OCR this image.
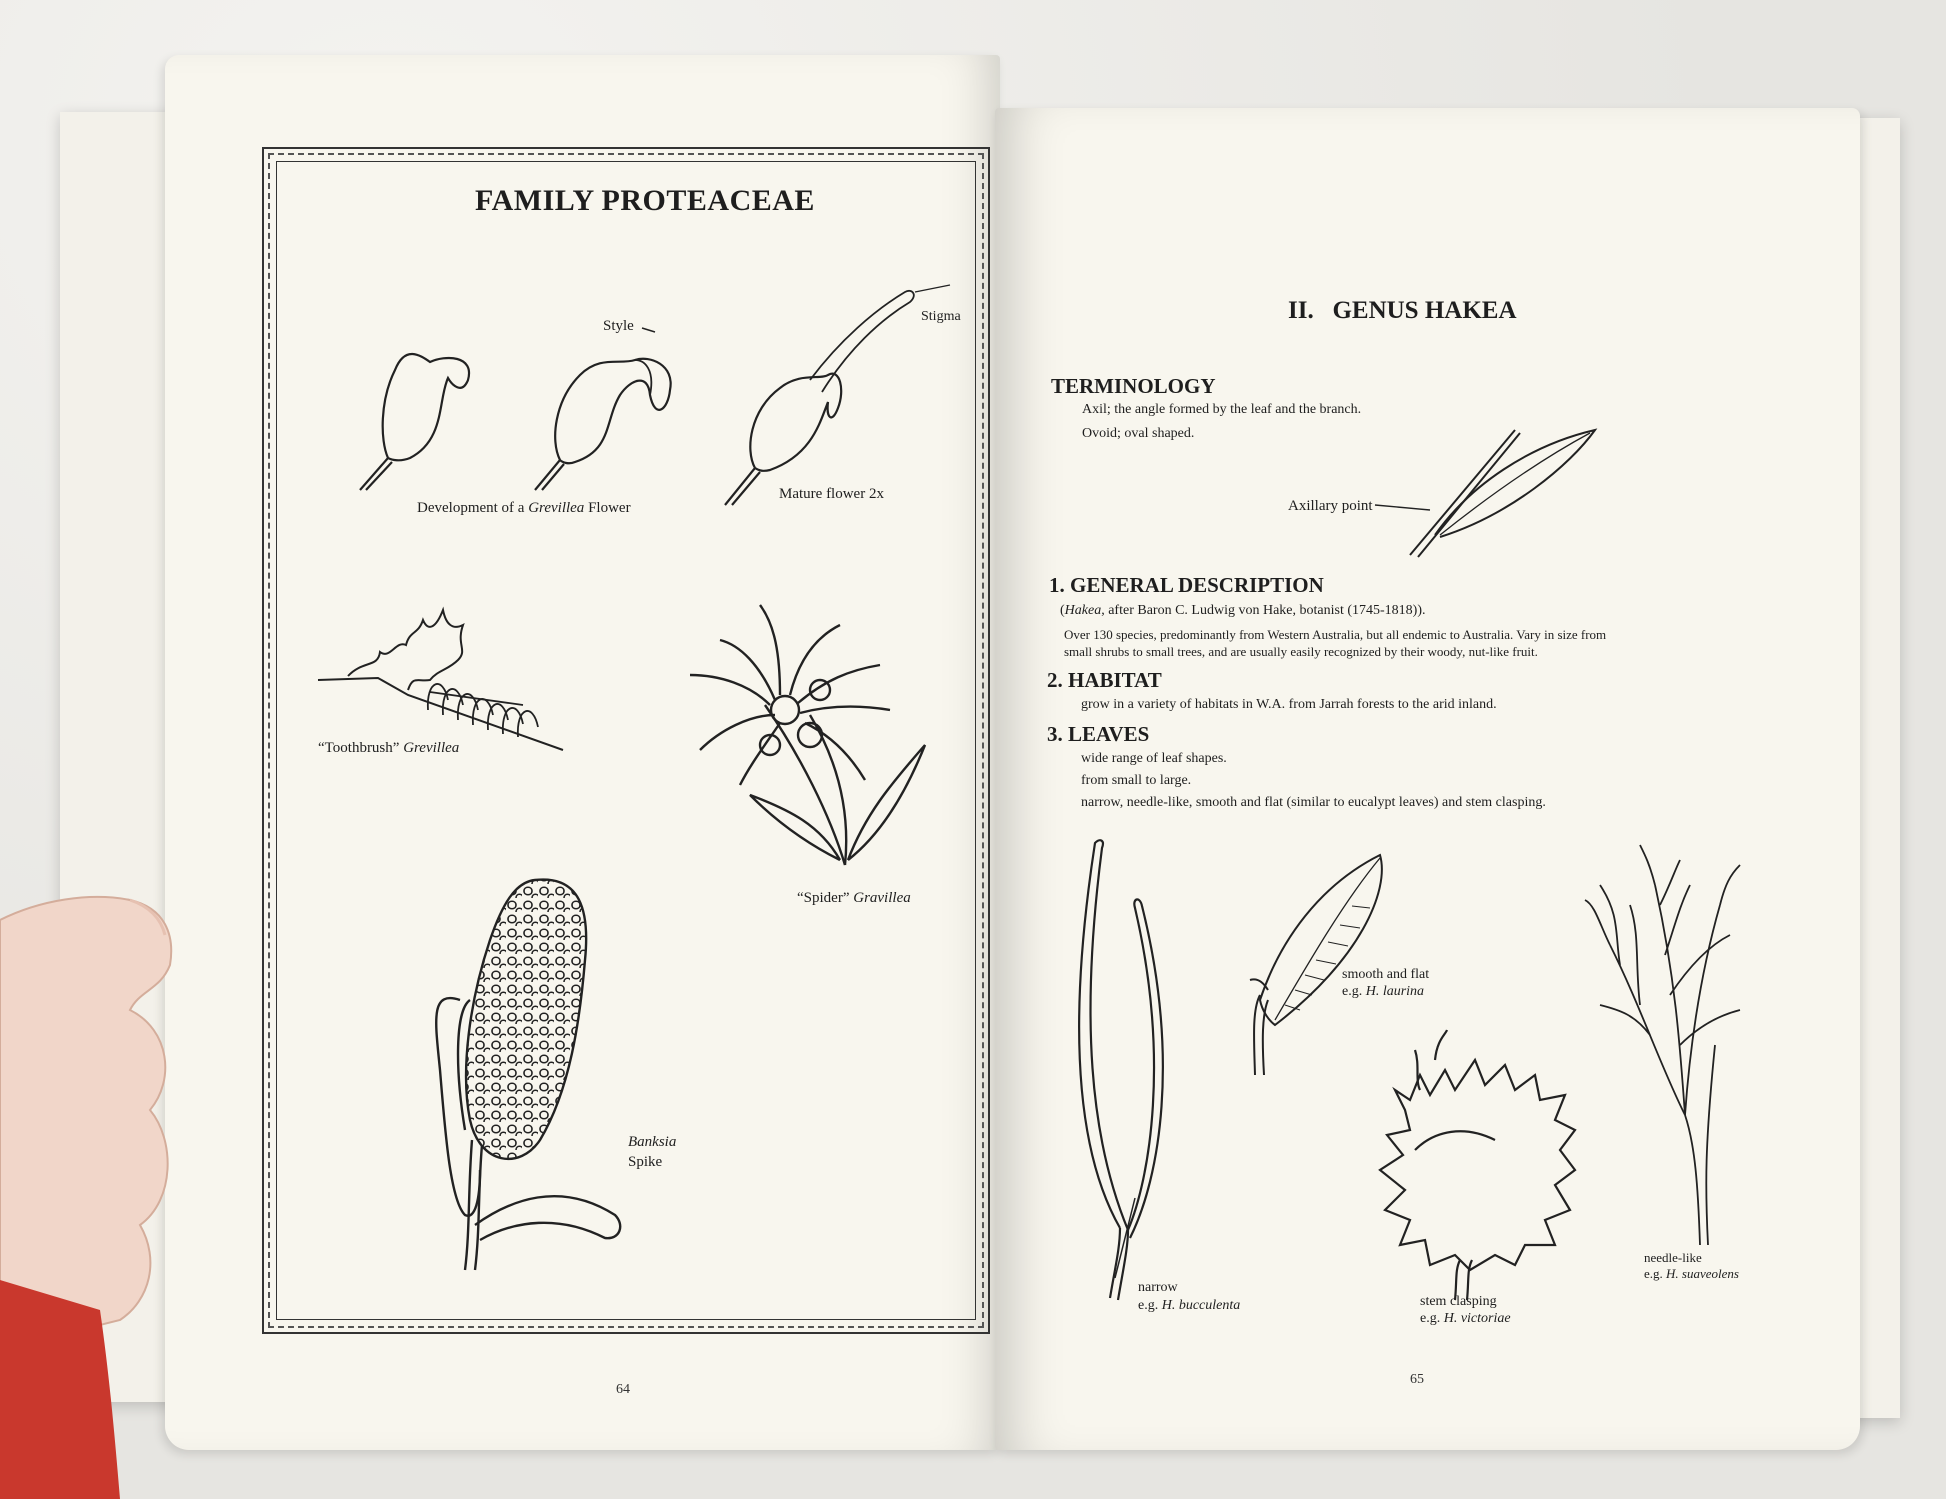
FAMILY PROTEACEAE
Style
Stigma
Development of a Grevillea Flower
Mature flower 2x
“Toothbrush” Grevillea
“Spider” Gravillea
Banksia
Spike
64
II.   GENUS HAKEA
TERMINOLOGY
Axil; the angle formed by the leaf and the branch.
Ovoid; oval shaped.
Axillary point
1. GENERAL DESCRIPTION
(Hakea, after Baron C. Ludwig von Hake, botanist (1745-1818)).
Over 130 species, predominantly from Western Australia, but all endemic to Australia. Vary in size from
small shrubs to small trees, and are usually easily recognized by their woody, nut-like fruit.
2. HABITAT
grow in a variety of habitats in W.A. from Jarrah forests to the arid inland.
3. LEAVES
wide range of leaf shapes.
from small to large.
narrow, needle-like, smooth and flat (similar to eucalypt leaves) and stem clasping.
narrow
e.g. H. bucculenta
smooth and flat
e.g. H. laurina
stem clasping
e.g. H. victoriae
needle-like
e.g. H. suaveolens
65
